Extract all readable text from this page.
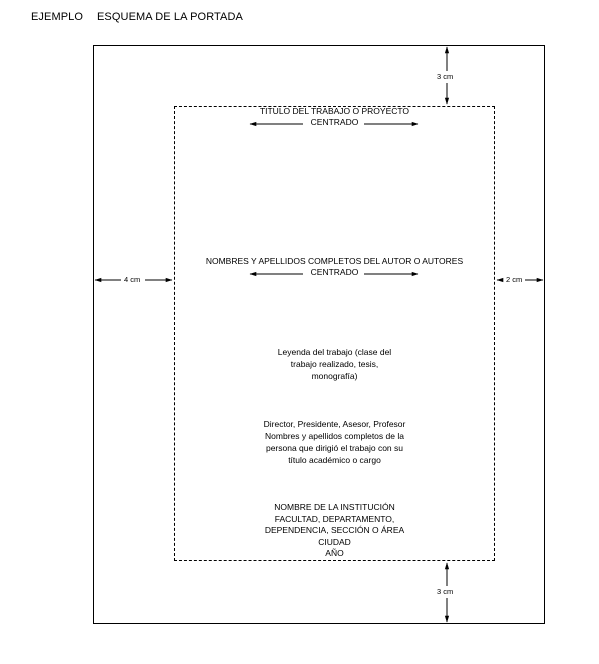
EJEMPLO ESQUEMA DE LA PORTADA
3 cm
3 cm
4 cm	2 cm
TITULO DEL TRABAJO O PROYECTO
CENTRADO
NOMBRES Y APELLIDOS COMPLETOS DEL AUTOR O AUTORES
CENTRADO
Leyenda del trabajo (clase del
trabajo realizado, tesis,
monografía)
Director, Presidente, Asesor, Profesor
Nombres y apellidos completos de la
persona que dirigió el trabajo con su
título académico o cargo
NOMBRE DE LA INSTITUCIÓN
FACULTAD, DEPARTAMENTO,
DEPENDENCIA, SECCIÓN O ÁREA
CIUDAD
AÑO
